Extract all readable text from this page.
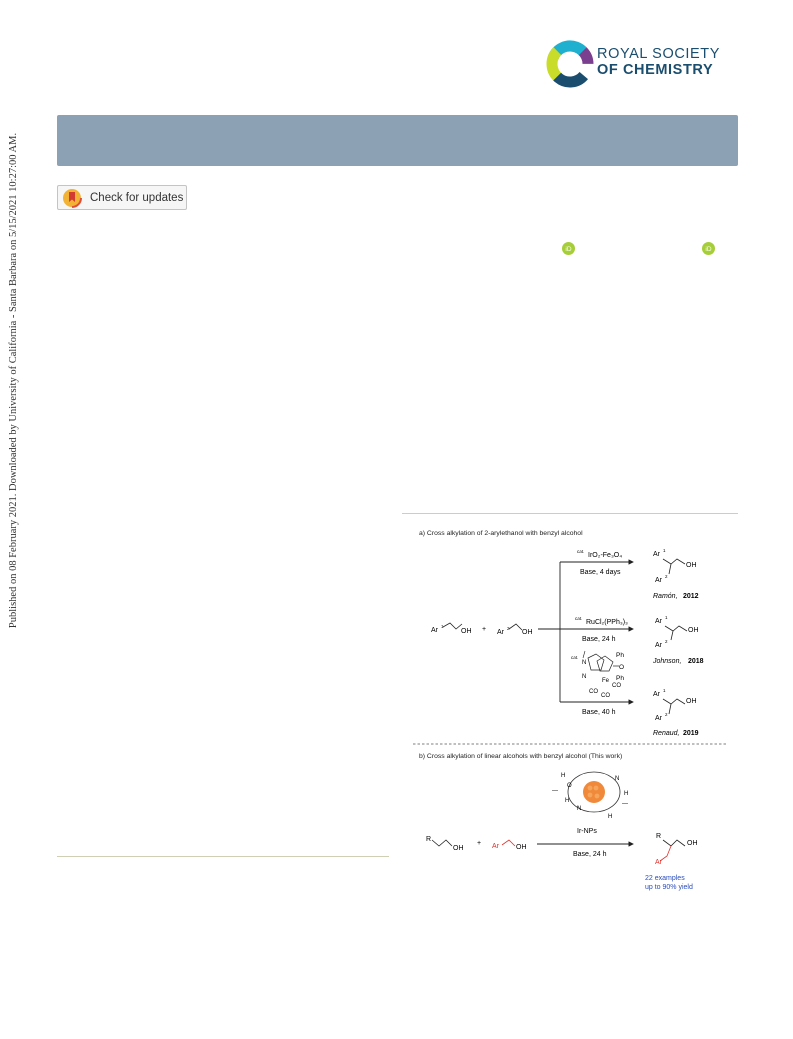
Published on 08 February 2021. Downloaded by University of California - Santa Barbara on 5/15/2021 10:27:00 AM.
ROYAL SOCIETY
OF CHEMISTRY
Check for updates
iD	iD
a) Cross alkylation of 2-arylethanol with benzyl alcohol
Ar
1
OH + Ar
2
OH
cat.
IrO₂-Fe₃O₄
Base, 4 days
cat.
RuCl₂(PPh₃)₃
Base, 24 h
cat.
N
N
Ph
Ph
O
Fe
CO
CO
CO
Base, 40 h
Ar
1
OH
Ar
2
Ramón, 2012
Ar
1
OH
Ar
2
Johnson, 2018
Ar
1
OH
Ar
2
Renaud, 2019
b) Cross alkylation of linear alcohols with benzyl alcohol (This work)
H
H
H
H
O
N
N
—
—
R
OH
+ Ar OH
Ir-NPs
Base, 24 h
R
OH
Ar
22 examples
up to 90% yield
